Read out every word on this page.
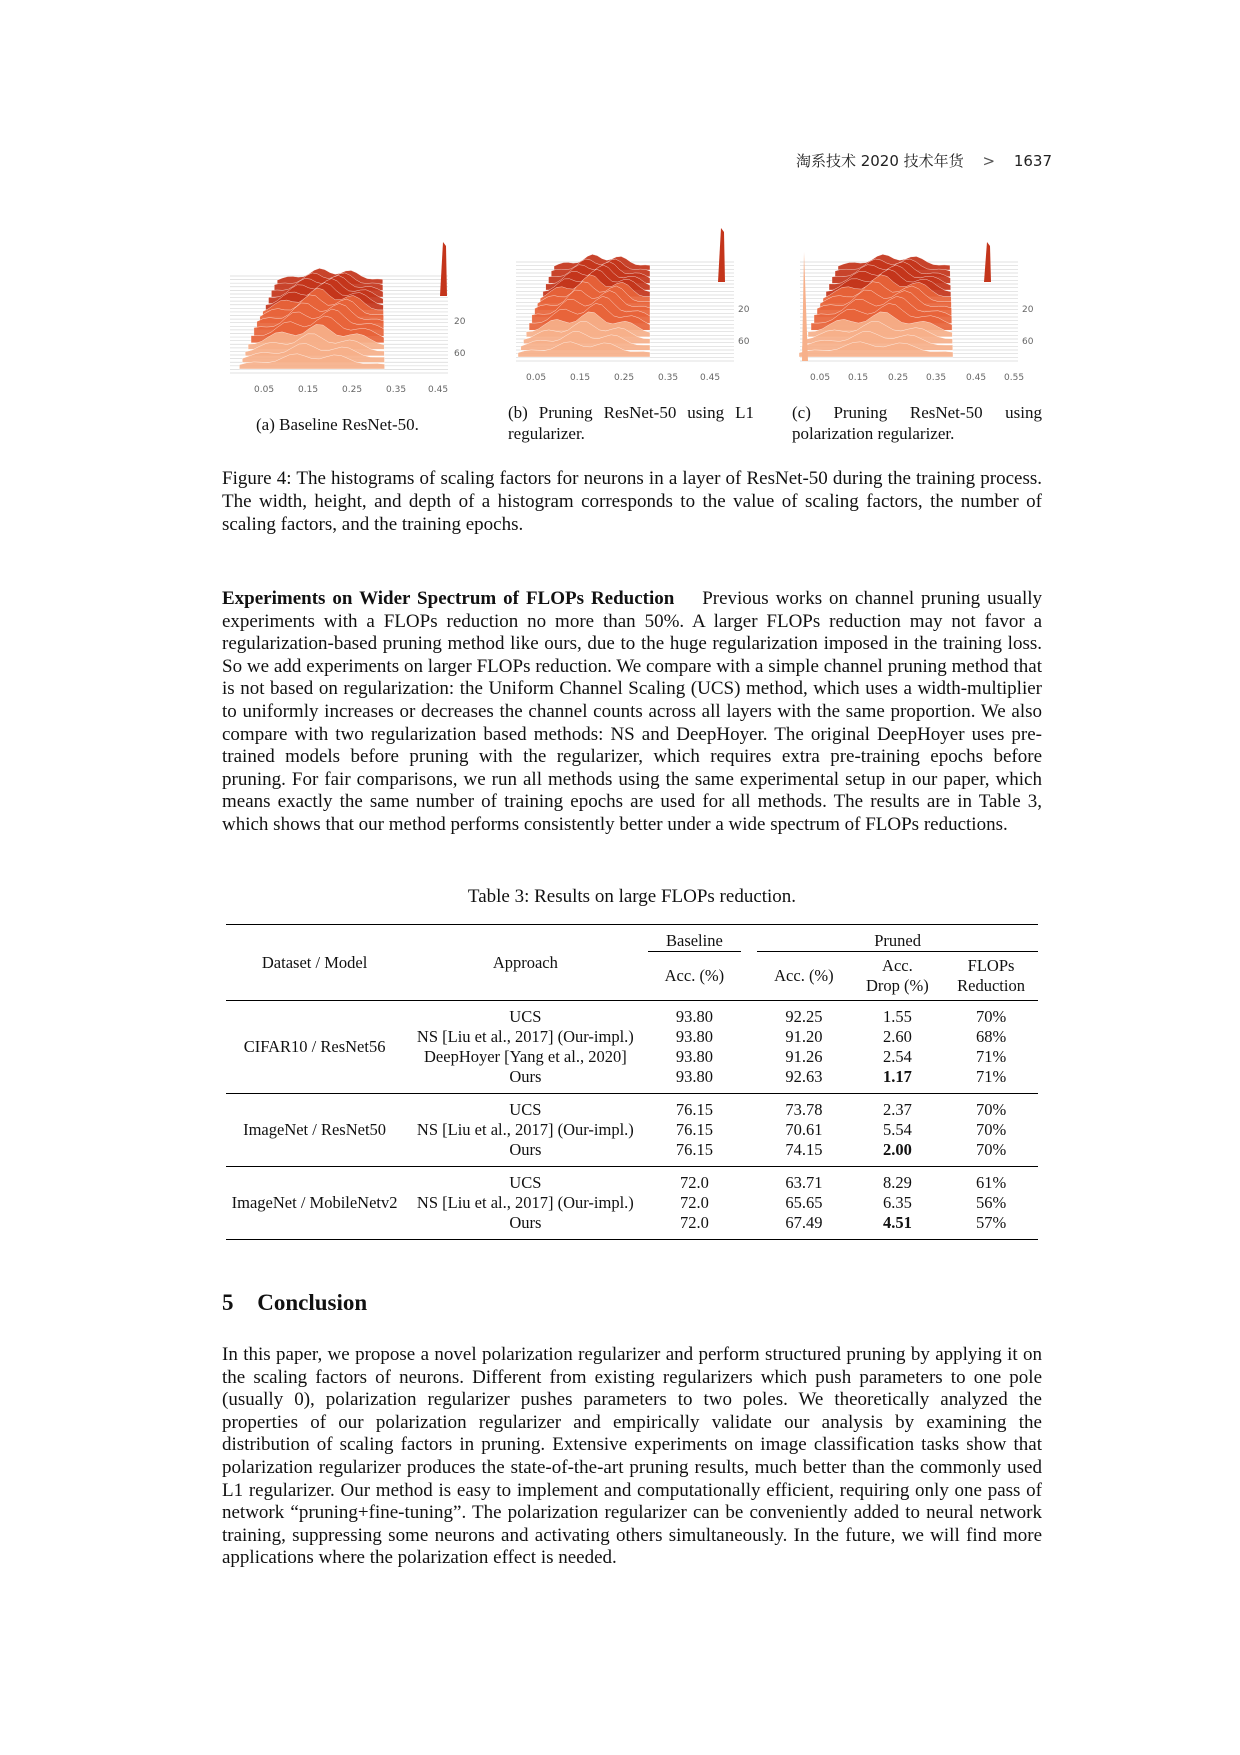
淘系技术 2020 技术年货 > 1637
0.05	0.15	0.25	0.35 0.45
20
60
(a) Baseline ResNet-50.
0.05	0.15	0.25	0.35 0.45
20
60
(b) Pruning ResNet-50 using L1 regularizer.
0.05 0.15 0.25 0.35 0.45 0.55
20
60
(c) Pruning ResNet-50 using polarization regularizer.
Figure 4: The histograms of scaling factors for neurons in a layer of ResNet-50 during the training process. The width, height, and depth of a histogram corresponds to the value of scaling factors, the number of scaling factors, and the training epochs.
Experiments on Wider Spectrum of FLOPs Reduction Previous works on channel pruning usually experiments with a FLOPs reduction no more than 50%. A larger FLOPs reduction may not favor a regularization-based pruning method like ours, due to the huge regularization imposed in the training loss. So we add experiments on larger FLOPs reduction. We compare with a simple channel pruning method that is not based on regularization: the Uniform Channel Scaling (UCS) method, which uses a width-multiplier to uniformly increases or decreases the channel counts across all layers with the same proportion. We also compare with two regularization based methods: NS and DeepHoyer. The original DeepHoyer uses pre-trained models before pruning with the regularizer, which requires extra pre-training epochs before pruning. For fair comparisons, we run all methods using the same experimental setup in our paper, which means exactly the same number of training epochs are used for all methods. The results are in Table 3, which shows that our method performs consistently better under a wide spectrum of FLOPs reductions.
Table 3: Results on large FLOPs reduction.
Dataset / Model	Approach	Baseline		Pruned		
		Acc. (%)		Acc. (%)	Acc.	FLOPs
					Drop (%)	Reduction

CIFAR10 / ResNet56	UCS	93.80		92.25	1.55	70%
	NS [Liu et al., 2017] (Our-impl.)	93.80		91.20	2.60	68%
	DeepHoyer [Yang et al., 2020]	93.80		91.26	2.54	71%
	Ours	93.80		92.63	1.17	71%

ImageNet / ResNet50	UCS	76.15		73.78	2.37	70%
	NS [Liu et al., 2017] (Our-impl.)	76.15		70.61	5.54	70%
	Ours	76.15		74.15	2.00	70%

ImageNet / MobileNetv2	UCS	72.0		63.71	8.29	61%
	NS [Liu et al., 2017] (Our-impl.)	72.0		65.65	6.35	56%
	Ours	72.0		67.49	4.51	57%

5 Conclusion
In this paper, we propose a novel polarization regularizer and perform structured pruning by applying it on the scaling factors of neurons. Different from existing regularizers which push parameters to one pole (usually 0), polarization regularizer pushes parameters to two poles. We theoretically analyzed the properties of our polarization regularizer and empirically validate our analysis by examining the distribution of scaling factors in pruning. Extensive experiments on image classification tasks show that polarization regularizer produces the state-of-the-art pruning results, much better than the commonly used L1 regularizer. Our method is easy to implement and computationally efficient, requiring only one pass of network “pruning+fine-tuning”. The polarization regularizer can be conveniently added to neural network training, suppressing some neurons and activating others simultaneously. In the future, we will find more applications where the polarization effect is needed.
